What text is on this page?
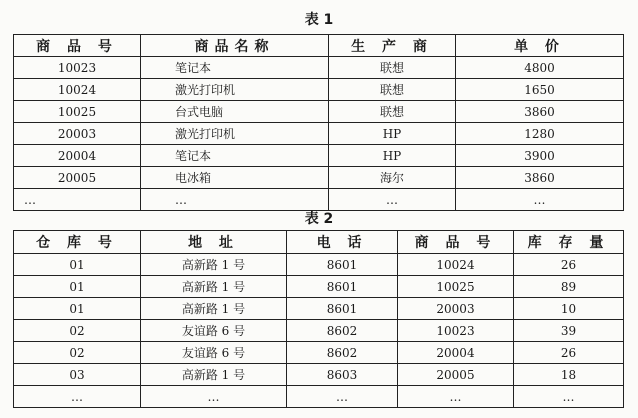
表 1
商 品 号	商品名称	生 产 商	单 价
10023	笔记本	联想	4800
10024	激光打印机	联想	1650
10025	台式电脑	联想	3860
20003	激光打印机	HP	1280
20004	笔记本	HP	3900
20005	电冰箱	海尔	3860
…	…	…	…
表 2
仓 库 号	地 址	电 话	商 品 号	库 存 量
01	高新路 1 号	8601	10024	26
01	高新路 1 号	8601	10025	89
01	高新路 1 号	8601	20003	10
02	友谊路 6 号	8602	10023	39
02	友谊路 6 号	8602	20004	26
03	高新路 1 号	8603	20005	18
…	…	…	…	…
